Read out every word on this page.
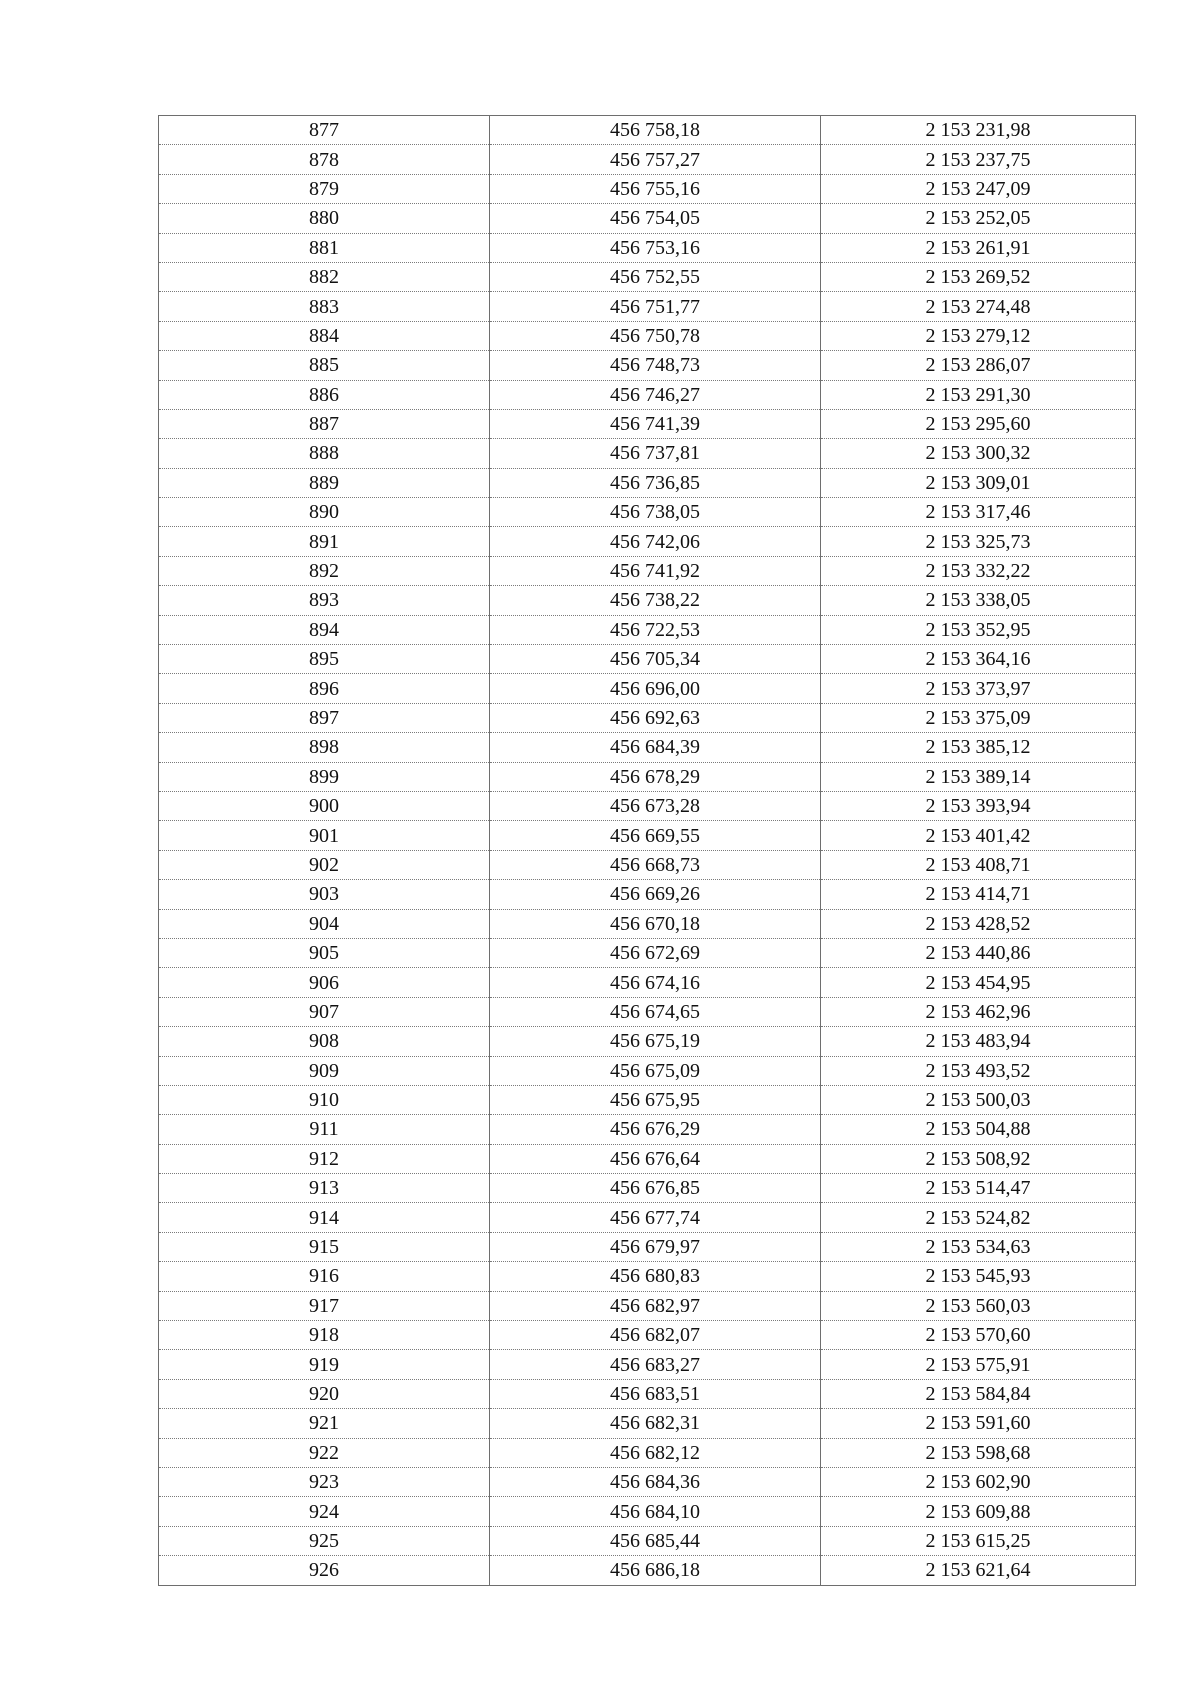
877	456 758,18	2 153 231,98
878	456 757,27	2 153 237,75
879	456 755,16	2 153 247,09
880	456 754,05	2 153 252,05
881	456 753,16	2 153 261,91
882	456 752,55	2 153 269,52
883	456 751,77	2 153 274,48
884	456 750,78	2 153 279,12
885	456 748,73	2 153 286,07
886	456 746,27	2 153 291,30
887	456 741,39	2 153 295,60
888	456 737,81	2 153 300,32
889	456 736,85	2 153 309,01
890	456 738,05	2 153 317,46
891	456 742,06	2 153 325,73
892	456 741,92	2 153 332,22
893	456 738,22	2 153 338,05
894	456 722,53	2 153 352,95
895	456 705,34	2 153 364,16
896	456 696,00	2 153 373,97
897	456 692,63	2 153 375,09
898	456 684,39	2 153 385,12
899	456 678,29	2 153 389,14
900	456 673,28	2 153 393,94
901	456 669,55	2 153 401,42
902	456 668,73	2 153 408,71
903	456 669,26	2 153 414,71
904	456 670,18	2 153 428,52
905	456 672,69	2 153 440,86
906	456 674,16	2 153 454,95
907	456 674,65	2 153 462,96
908	456 675,19	2 153 483,94
909	456 675,09	2 153 493,52
910	456 675,95	2 153 500,03
911	456 676,29	2 153 504,88
912	456 676,64	2 153 508,92
913	456 676,85	2 153 514,47
914	456 677,74	2 153 524,82
915	456 679,97	2 153 534,63
916	456 680,83	2 153 545,93
917	456 682,97	2 153 560,03
918	456 682,07	2 153 570,60
919	456 683,27	2 153 575,91
920	456 683,51	2 153 584,84
921	456 682,31	2 153 591,60
922	456 682,12	2 153 598,68
923	456 684,36	2 153 602,90
924	456 684,10	2 153 609,88
925	456 685,44	2 153 615,25
926	456 686,18	2 153 621,64
